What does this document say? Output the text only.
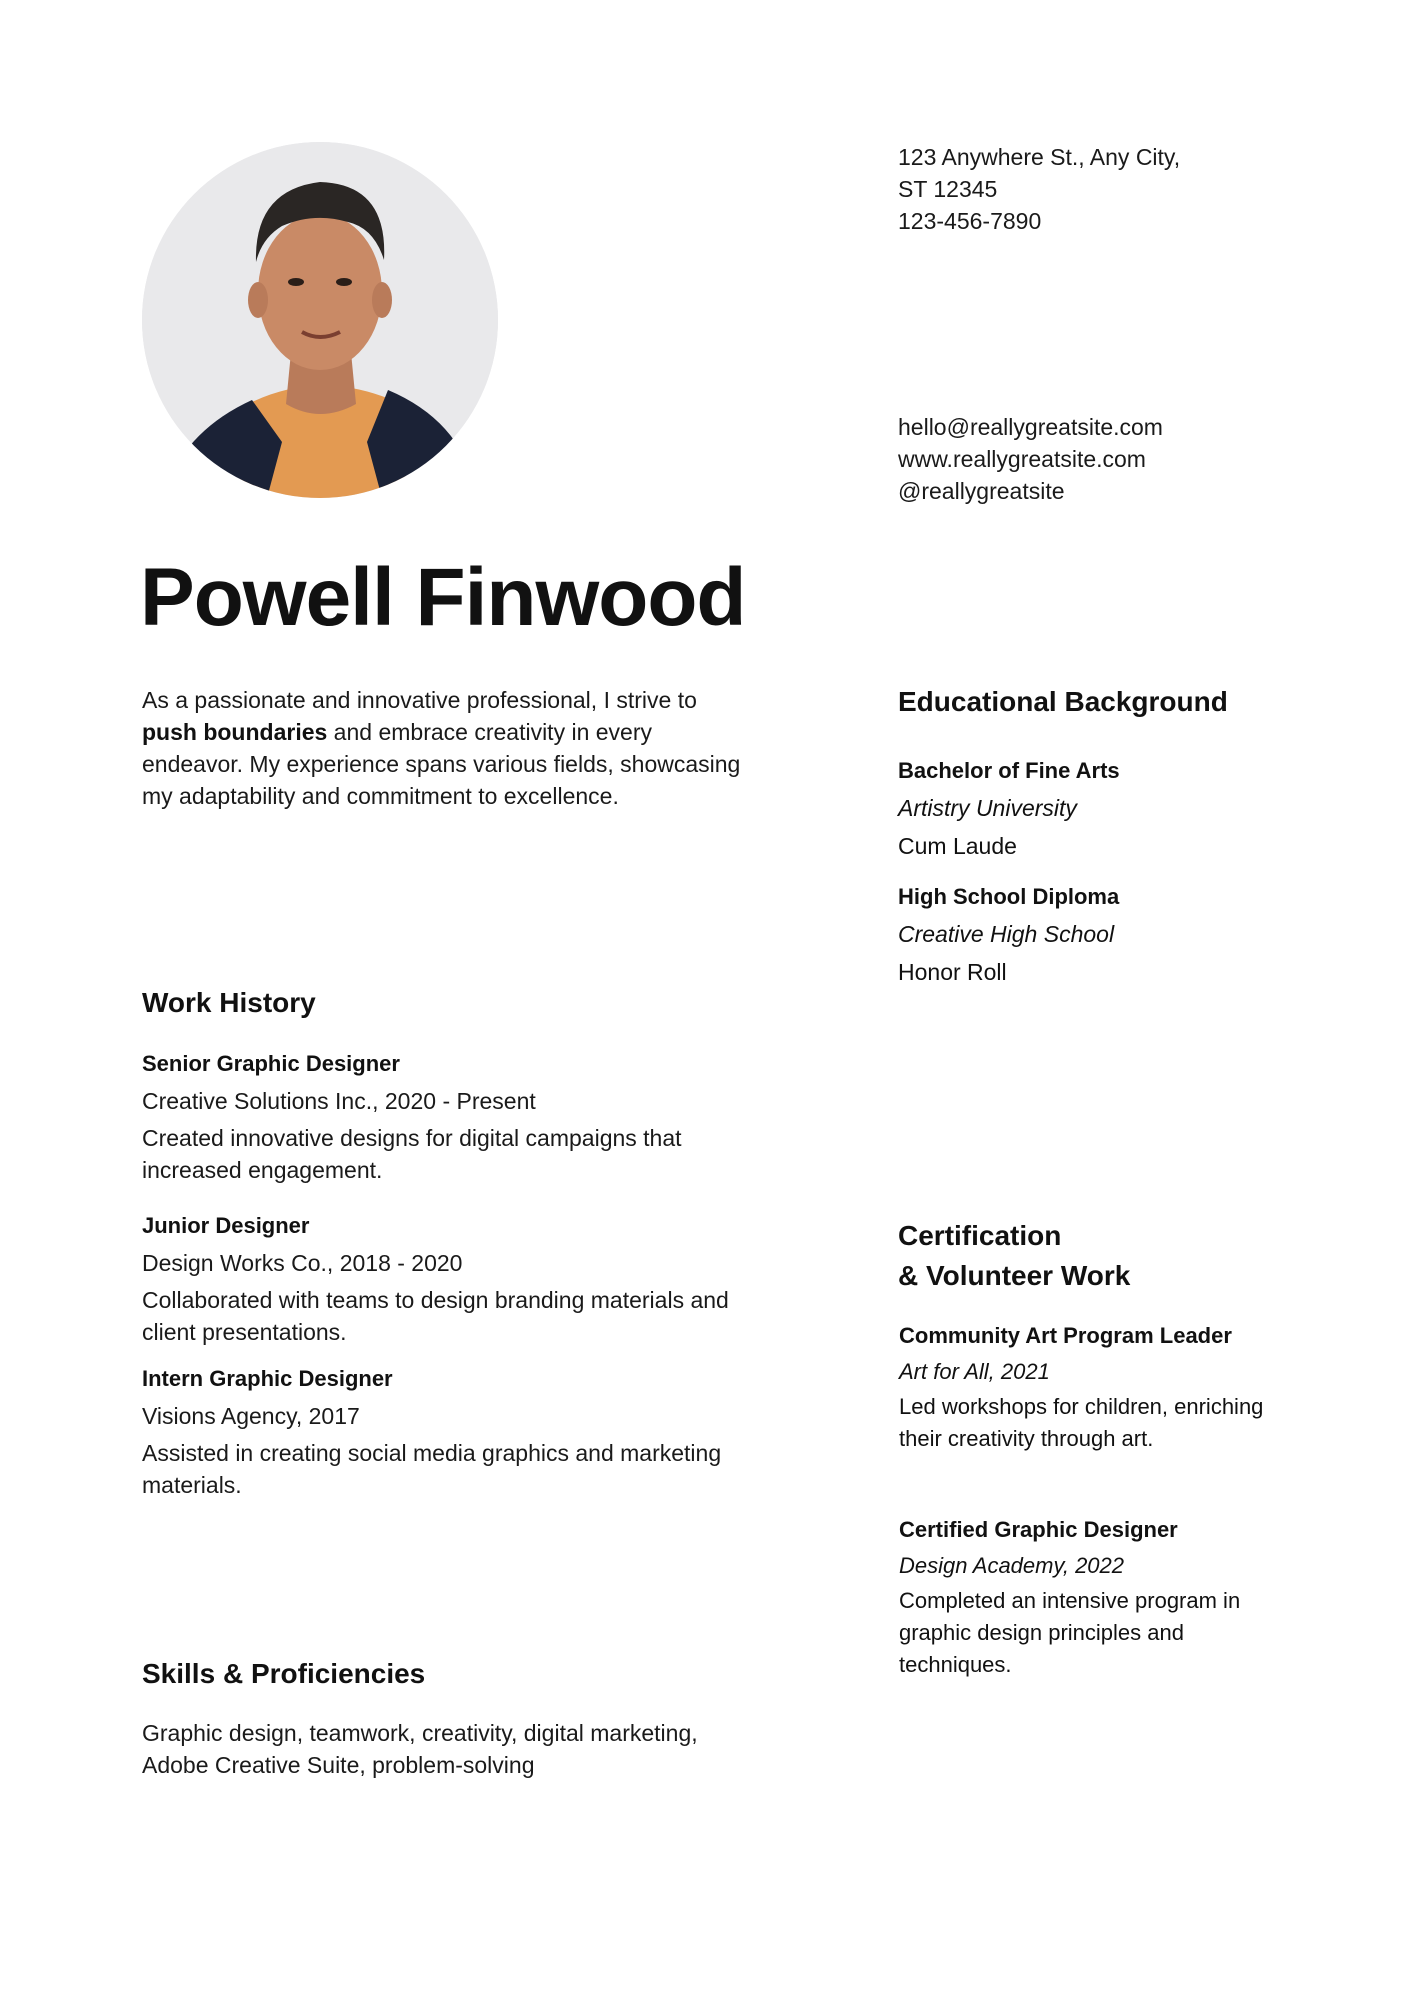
123 Anywhere St., Any City,
ST 12345
123-456-7890
hello@reallygreatsite.com
www.reallygreatsite.com
@reallygreatsite
Powell Finwood

As a passionate and innovative professional, I strive to push boundaries and embrace creativity in every endeavor. My experience spans various fields, showcasing my adaptability and commitment to excellence.

Work History
Senior Graphic Designer
Creative Solutions Inc., 2020 - Present
Created innovative designs for digital campaigns that increased engagement.
Junior Designer
Design Works Co., 2018 - 2020
Collaborated with teams to design branding materials and client presentations.
Intern Graphic Designer
Visions Agency, 2017
Assisted in creating social media graphics and marketing materials.
Skills & Proficiencies

Graphic design, teamwork, creativity, digital marketing, Adobe Creative Suite, problem-solving

Educational Background
Bachelor of Fine Arts
Artistry University
Cum Laude
High School Diploma
Creative High School
Honor Roll
Certification
& Volunteer Work
Community Art Program Leader
Art for All, 2021
Led workshops for children, enriching their creativity through art.
Certified Graphic Designer
Design Academy, 2022
Completed an intensive program in graphic design principles and techniques.
